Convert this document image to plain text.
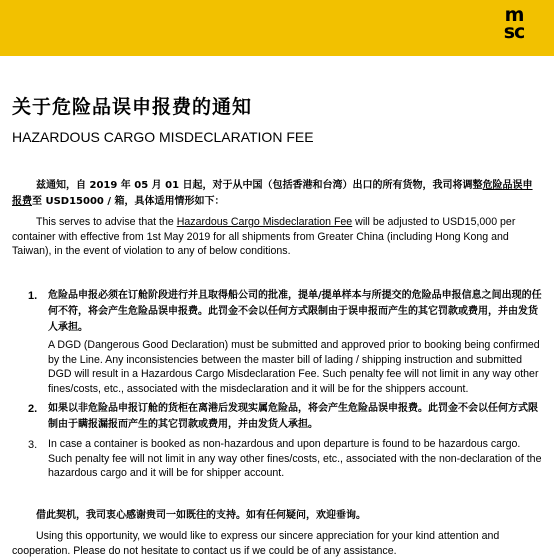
m
sc
关于危险品误申报费的通知
HAZARDOUS CARGO MISDECLARATION FEE
兹通知，自 2019 年 05 月 01 日起，对于从中国（包括香港和台湾）出口的所有货物，我司将调整危险品误申报费至 USD15000 / 箱，具体适用情形如下：
This serves to advise that the Hazardous Cargo Misdeclaration Fee will be adjusted to USD15,000 per container with effective from 1st May 2019 for all shipments from Greater China (including Hong Kong and Taiwan), in the event of violation to any of below conditions.
1. 危险品申报必须在订舱阶段进行并且取得船公司的批准，提单/提单样本与所提交的危险品申报信息之间出现的任何不符，将会产生危险品误申报费。此罚金不会以任何方式限制由于误申报而产生的其它罚款或费用，并由发货人承担。
A DGD (Dangerous Good Declaration) must be submitted and approved prior to booking being confirmed by the Line. Any inconsistencies between the master bill of lading / shipping instruction and submitted DGD will result in a Hazardous Cargo Misdeclaration Fee. Such penalty fee will not limit in any way other fines/costs, etc., associated with the misdeclaration and it will be for the shippers account.
2. 如果以非危险品申报订舱的货柜在离港后发现实属危险品，将会产生危险品误申报费。此罚金不会以任何方式限制由于瞒报漏报而产生的其它罚款或费用，并由发货人承担。
3. In case a container is booked as non-hazardous and upon departure is found to be hazardous cargo. Such penalty fee will not limit in any way other fines/costs, etc., associated with the non-declaration of the hazardous cargo and it will be for shipper account.
借此契机，我司衷心感谢贵司一如既往的支持。如有任何疑问，欢迎垂询。
Using this opportunity, we would like to express our sincere appreciation for your kind attention and cooperation. Please do not hesitate to contact us if we could be of any assistance.
